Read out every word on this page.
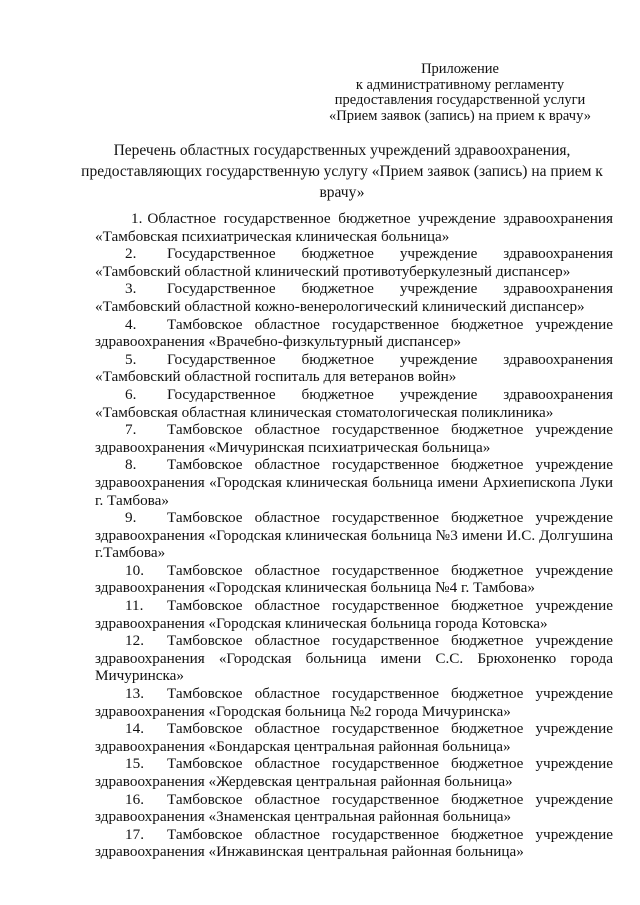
Приложение
к административному регламенту
предоставления государственной услуги
«Прием заявок (запись) на прием к врачу»
Перечень областных государственных учреждений здравоохранения, предоставляющих государственную услугу «Прием заявок (запись) на прием к врачу»
1. Областное государственное бюджетное учреждение здравоохранения «Тамбовская психиатрическая клиническая больница»
2. Государственное бюджетное учреждение здравоохранения «Тамбовский областной клинический противотуберкулезный диспансер»
3. Государственное бюджетное учреждение здравоохранения «Тамбовский областной кожно-венерологический клинический диспансер»
4. Тамбовское областное государственное бюджетное учреждение здравоохранения «Врачебно-физкультурный диспансер»
5. Государственное бюджетное учреждение здравоохранения «Тамбовский областной госпиталь для ветеранов войн»
6. Государственное бюджетное учреждение здравоохранения «Тамбовская областная клиническая стоматологическая поликлиника»
7. Тамбовское областное государственное бюджетное учреждение здравоохранения «Мичуринская психиатрическая больница»
8. Тамбовское областное государственное бюджетное учреждение здравоохранения «Городская клиническая больница имени Архиепископа Луки г. Тамбова»
9. Тамбовское областное государственное бюджетное учреждение здравоохранения «Городская клиническая больница №3 имени И.С. Долгушина г.Тамбова»
10. Тамбовское областное государственное бюджетное учреждение здравоохранения «Городская клиническая больница №4 г. Тамбова»
11. Тамбовское областное государственное бюджетное учреждение здравоохранения «Городская клиническая больница города Котовска»
12. Тамбовское областное государственное бюджетное учреждение здравоохранения «Городская больница имени С.С. Брюхоненко города Мичуринска»
13. Тамбовское областное государственное бюджетное учреждение здравоохранения «Городская больница №2 города Мичуринска»
14. Тамбовское областное государственное бюджетное учреждение здравоохранения «Бондарская центральная районная больница»
15. Тамбовское областное государственное бюджетное учреждение здравоохранения «Жердевская центральная районная больница»
16. Тамбовское областное государственное бюджетное учреждение здравоохранения «Знаменская центральная районная больница»
17. Тамбовское областное государственное бюджетное учреждение здравоохранения «Инжавинская центральная районная больница»
